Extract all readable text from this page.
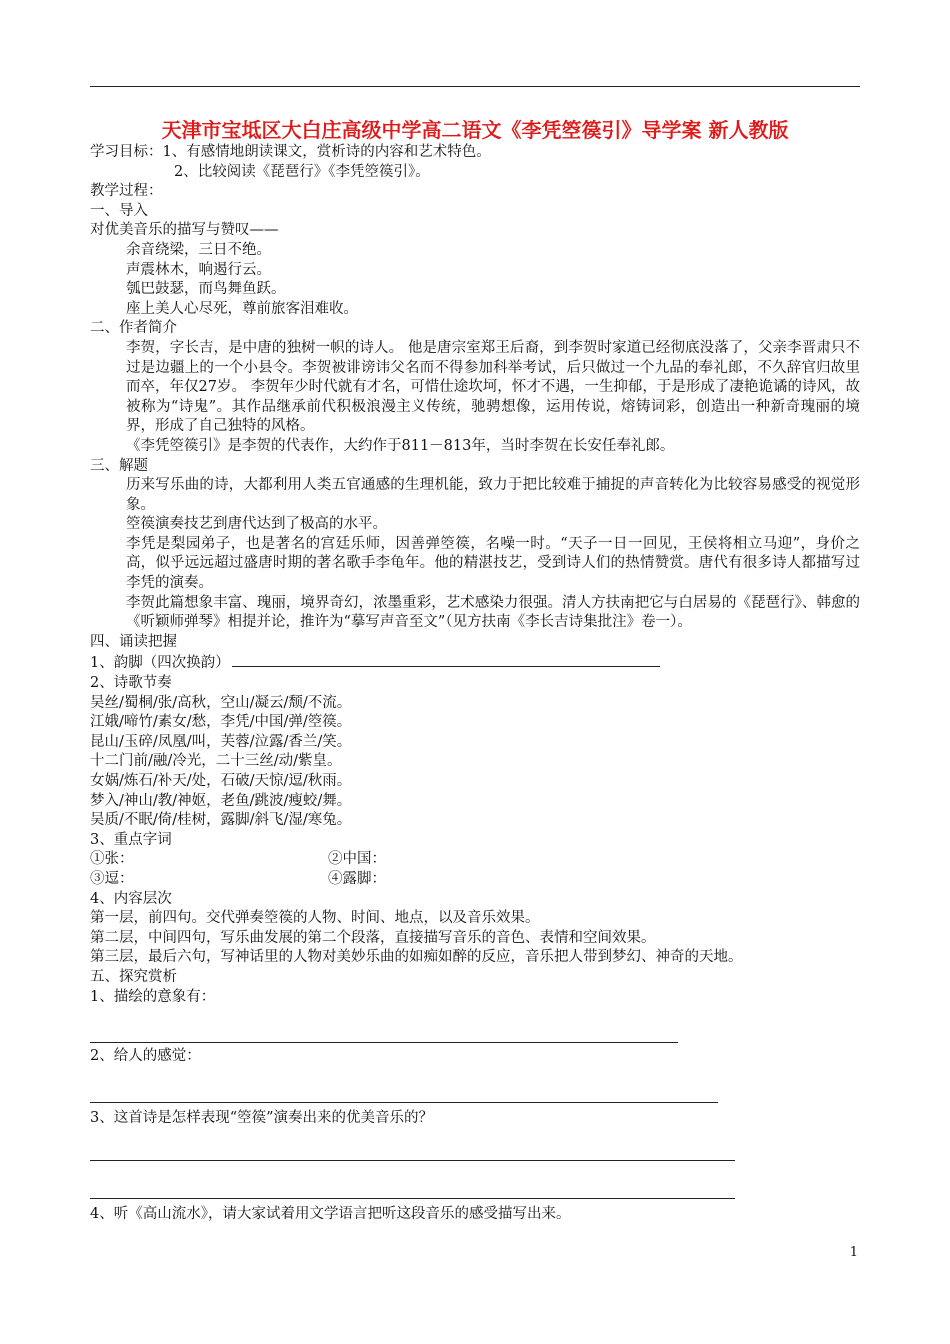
天津市宝坻区大白庄高级中学高二语文《李凭箜篌引》导学案 新人教版

学习目标：1、有感情地朗读课文，赏析诗的内容和艺术特色。

2、比较阅读《琵琶行》《李凭箜篌引》。

教学过程：

一、导入

对优美音乐的描写与赞叹——

余音绕梁，三日不绝。

声震林木，响遏行云。

瓠巴鼓瑟，而鸟舞鱼跃。

座上美人心尽死，尊前旅客泪难收。

二、作者简介

李贺，字长吉，是中唐的独树一帜的诗人。 他是唐宗室郑王后裔，到李贺时家道已经彻底没落了，父亲李晋肃只不过是边疆上的一个小县令。李贺被诽谤讳父名而不得参加科举考试，后只做过一个九品的奉礼郎，不久辞官归故里而卒，年仅27岁。 李贺年少时代就有才名，可惜仕途坎坷，怀才不遇，一生抑郁，于是形成了凄艳诡谲的诗风，故被称为“诗鬼”。其作品继承前代积极浪漫主义传统，驰骋想像，运用传说，熔铸词彩，创造出一种新奇瑰丽的境界，形成了自己独特的风格。

《李凭箜篌引》是李贺的代表作，大约作于811－813年，当时李贺在长安任奉礼郎。

三、解题

历来写乐曲的诗，大都利用人类五官通感的生理机能，致力于把比较难于捕捉的声音转化为比较容易感受的视觉形象。

箜篌演奏技艺到唐代达到了极高的水平。

李凭是梨园弟子，也是著名的宫廷乐师，因善弹箜篌，名噪一时。“天子一日一回见，王侯将相立马迎”，身价之高，似乎远远超过盛唐时期的著名歌手李龟年。他的精湛技艺，受到诗人们的热情赞赏。唐代有很多诗人都描写过李凭的演奏。

李贺此篇想象丰富、瑰丽，境界奇幻，浓墨重彩，艺术感染力很强。清人方扶南把它与白居易的《琵琶行》、韩愈的《听颖师弹琴》相提并论，推许为“摹写声音至文”（见方扶南《李长吉诗集批注》卷一）。

四、诵读把握

1、韵脚（四次换韵）

2、诗歌节奏

吴丝/蜀桐/张/高秋，空山/凝云/颓/不流。

江娥/啼竹/素女/愁，李凭/中国/弹/箜篌。

昆山/玉碎/凤凰/叫，芙蓉/泣露/香兰/笑。

十二门前/融/冷光，二十三丝/动/紫皇。

女娲/炼石/补天/处，石破/天惊/逗/秋雨。

梦入/神山/教/神妪，老鱼/跳波/瘦蛟/舞。

吴质/不眠/倚/桂树，露脚/斜飞/湿/寒兔。

3、重点字词

①张：	②中国：

③逗：	④露脚：

4、内容层次

第一层，前四句。交代弹奏箜篌的人物、时间、地点，以及音乐效果。

第二层，中间四句，写乐曲发展的第二个段落，直接描写音乐的音色、表情和空间效果。

第三层，最后六句，写神话里的人物对美妙乐曲的如痴如醉的反应，音乐把人带到梦幻、神奇的天地。

五、探究赏析

1、描绘的意象有：

2、给人的感觉：

3、这首诗是怎样表现“箜篌”演奏出来的优美音乐的？

4、听《高山流水》，请大家试着用文学语言把听这段音乐的感受描写出来。

1
